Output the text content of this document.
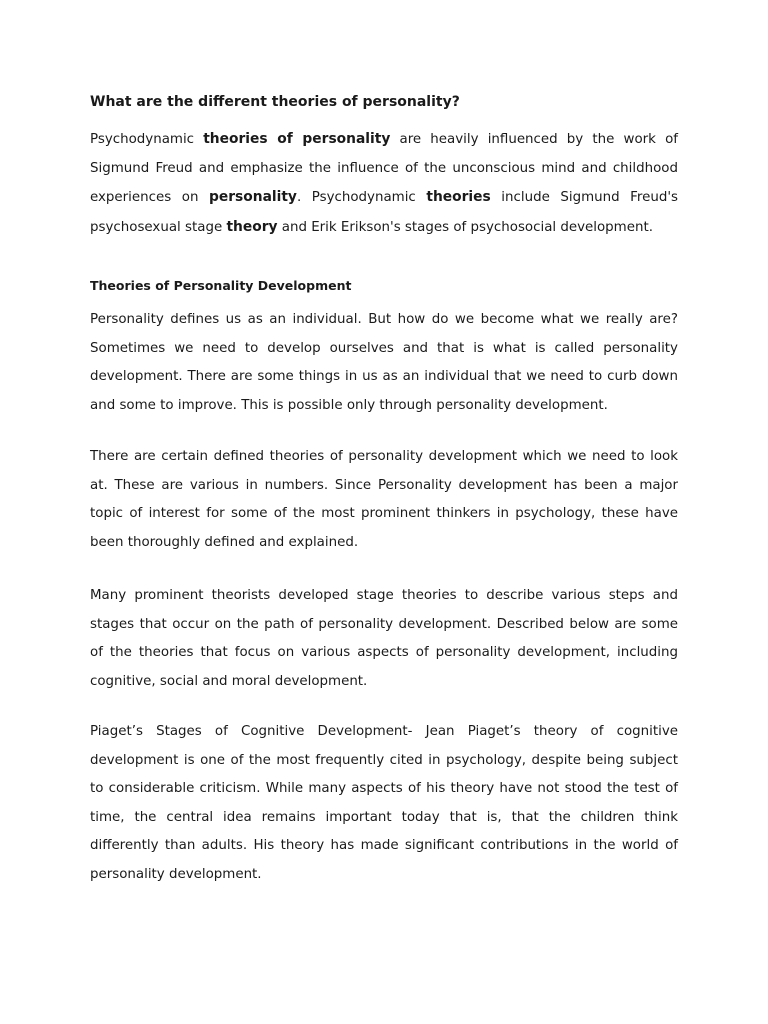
What are the different theories of personality?

Psychodynamic theories of personality are heavily influenced by the work of Sigmund Freud and emphasize the influence of the unconscious mind and childhood experiences on personality. Psychodynamic theories include Sigmund Freud's psychosexual stage theory and Erik Erikson's stages of psychosocial development.

Theories of Personality Development

Personality defines us as an individual. But how do we become what we really are? Sometimes we need to develop ourselves and that is what is called personality development. There are some things in us as an individual that we need to curb down and some to improve. This is possible only through personality development.

There are certain defined theories of personality development which we need to look at. These are various in numbers. Since Personality development has been a major topic of interest for some of the most prominent thinkers in psychology, these have been thoroughly defined and explained.

Many prominent theorists developed stage theories to describe various steps and stages that occur on the path of personality development. Described below are some of the theories that focus on various aspects of personality development, including cognitive, social and moral development.

Piaget’s Stages of Cognitive Development- Jean Piaget’s theory of cognitive development is one of the most frequently cited in psychology, despite being subject to considerable criticism. While many aspects of his theory have not stood the test of time, the central idea remains important today that is, that the children think differently than adults. His theory has made significant contributions in the world of personality development.
